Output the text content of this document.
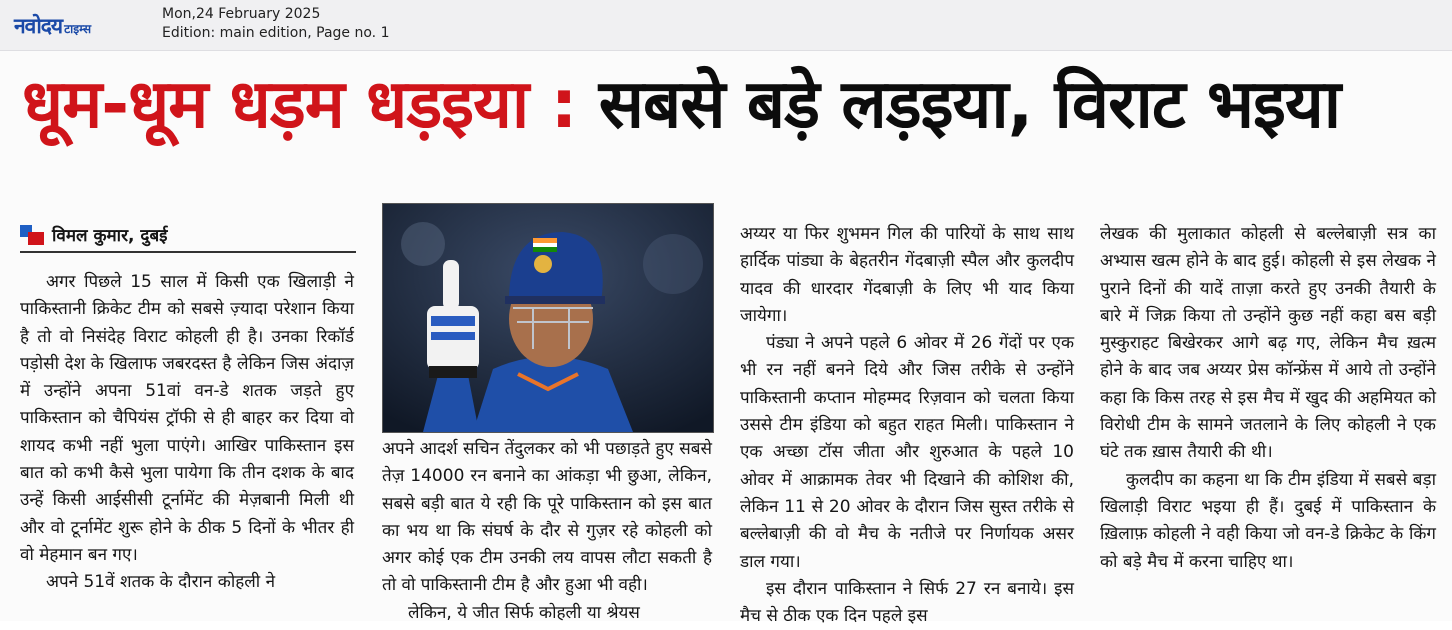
नवोदय टाइम्स
Mon,24 February 2025
Edition: main edition, Page no. 1
धूम-धूम धड़म धड़इया : सबसे बड़े लड़इया, विराट भइया
विमल कुमार, दुबई

अगर पिछले 15 साल में किसी एक खिलाड़ी ने पाकिस्तानी क्रिकेट टीम को सबसे ज़्यादा परेशान किया है तो वो निसंदेह विराट कोहली ही है। उनका रिकॉर्ड पड़ोसी देश के खिलाफ जबरदस्त है लेकिन जिस अंदाज़ में उन्होंने अपना 51वां वन-डे शतक जड़ते हुए पाकिस्तान को चैपियंस ट्रॉफी से ही बाहर कर दिया वो शायद कभी नहीं भुला पाएंगे। आखिर पाकिस्तान इस बात को कभी कैसे भुला पायेगा कि तीन दशक के बाद उन्हें किसी आईसीसी टूर्नामेंट की मेज़बानी मिली थी और वो टूर्नामेंट शुरू होने के ठीक 5 दिनों के भीतर ही वो मेहमान बन गए।

अपने 51वें शतक के दौरान कोहली ने

अपने आदर्श सचिन तेंदुलकर को भी पछाड़ते हुए सबसे तेज़ 14000 रन बनाने का आंकड़ा भी छुआ, लेकिन, सबसे बड़ी बात ये रही कि पूरे पाकिस्तान को इस बात का भय था कि संघर्ष के दौर से गुज़र रहे कोहली को अगर कोई एक टीम उनकी लय वापस लौटा सकती है तो वो पाकिस्तानी टीम है और हुआ भी वही।

लेकिन, ये जीत सिर्फ कोहली या श्रेयस

अय्यर या फिर शुभमन गिल की पारियों के साथ साथ हार्दिक पांड्या के बेहतरीन गेंदबाज़ी स्पैल और कुलदीप यादव की धारदार गेंदबाज़ी के लिए भी याद किया जायेगा।

पंड्या ने अपने पहले 6 ओवर में 26 गेंदों पर एक भी रन नहीं बनने दिये और जिस तरीके से उन्होंने पाकिस्तानी कप्तान मोहम्मद रिज़वान को चलता किया उससे टीम इंडिया को बहुत राहत मिली। पाकिस्तान ने एक अच्छा टॉस जीता और शुरुआत के पहले 10 ओवर में आक्रामक तेवर भी दिखाने की कोशिश की, लेकिन 11 से 20 ओवर के दौरान जिस सुस्त तरीके से बल्लेबाज़ी की वो मैच के नतीजे पर निर्णायक असर डाल गया।

इस दौरान पाकिस्तान ने सिर्फ 27 रन बनाये। इस मैच से ठीक एक दिन पहले इस

लेखक की मुलाकात कोहली से बल्लेबाज़ी सत्र का अभ्यास खत्म होने के बाद हुई। कोहली से इस लेखक ने पुराने दिनों की यादें ताज़ा करते हुए उनकी तैयारी के बारे में जिक्र किया तो उन्होंने कुछ नहीं कहा बस बड़ी मुस्कुराहट बिखेरकर आगे बढ़ गए, लेकिन मैच ख़त्म होने के बाद जब अय्यर प्रेस कॉन्फ्रेंस में आये तो उन्होंने कहा कि किस तरह से इस मैच में खुद की अहमियत को विरोधी टीम के सामने जतलाने के लिए कोहली ने एक घंटे तक ख़ास तैयारी की थी।

कुलदीप का कहना था कि टीम इंडिया में सबसे बड़ा खिलाड़ी विराट भइया ही हैं। दुबई में पाकिस्तान के ख़िलाफ़ कोहली ने वही किया जो वन-डे क्रिकेट के किंग को बड़े मैच में करना चाहिए था।
